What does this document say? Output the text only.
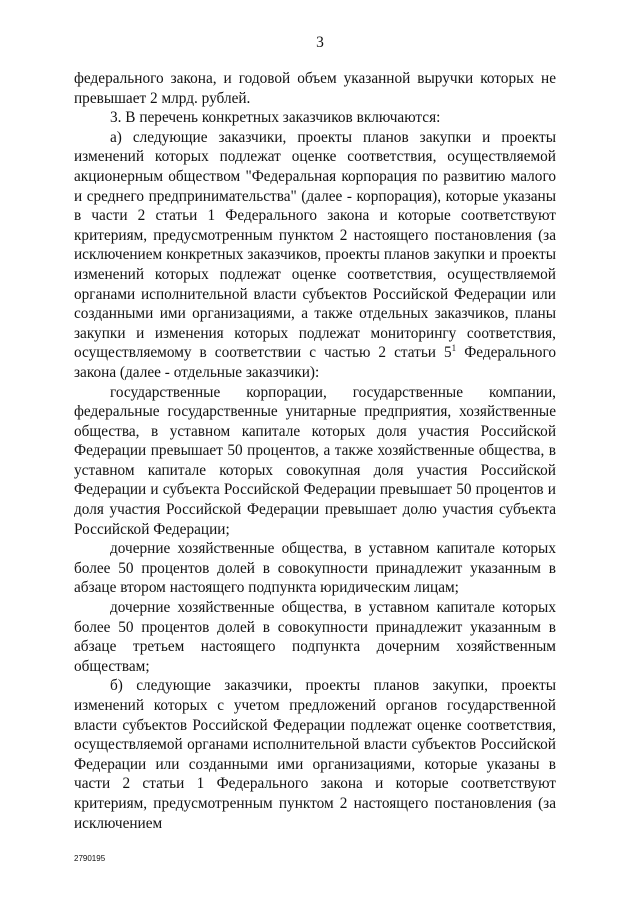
3

федерального закона, и годовой объем указанной выручки которых не превышает 2 млрд. рублей.

3. В перечень конкретных заказчиков включаются:

а) следующие заказчики, проекты планов закупки и проекты изменений которых подлежат оценке соответствия, осуществляемой акционерным обществом "Федеральная корпорация по развитию малого и среднего предпринимательства" (далее - корпорация), которые указаны в части 2 статьи 1 Федерального закона и которые соответствуют критериям, предусмотренным пунктом 2 настоящего постановления (за исключением конкретных заказчиков, проекты планов закупки и проекты изменений которых подлежат оценке соответствия, осуществляемой органами исполнительной власти субъектов Российской Федерации или созданными ими организациями, а также отдельных заказчиков, планы закупки и изменения которых подлежат мониторингу соответствия, осуществляемому в соответствии с частью 2 статьи $5^1$ Федерального закона (далее - отдельные заказчики):

государственные корпорации, государственные компании, федеральные государственные унитарные предприятия, хозяйственные общества, в уставном капитале которых доля участия Российской Федерации превышает 50 процентов, а также хозяйственные общества, в уставном капитале которых совокупная доля участия Российской Федерации и субъекта Российской Федерации превышает 50 процентов и доля участия Российской Федерации превышает долю участия субъекта Российской Федерации;

дочерние хозяйственные общества, в уставном капитале которых более 50 процентов долей в совокупности принадлежит указанным в абзаце втором настоящего подпункта юридическим лицам;

дочерние хозяйственные общества, в уставном капитале которых более 50 процентов долей в совокупности принадлежит указанным в абзаце третьем настоящего подпункта дочерним хозяйственным обществам;

б) следующие заказчики, проекты планов закупки, проекты изменений которых с учетом предложений органов государственной власти субъектов Российской Федерации подлежат оценке соответствия, осуществляемой органами исполнительной власти субъектов Российской Федерации или созданными ими организациями, которые указаны в части 2 статьи 1 Федерального закона и которые соответствуют критериям, предусмотренным пунктом 2 настоящего постановления (за исключением

2790195
